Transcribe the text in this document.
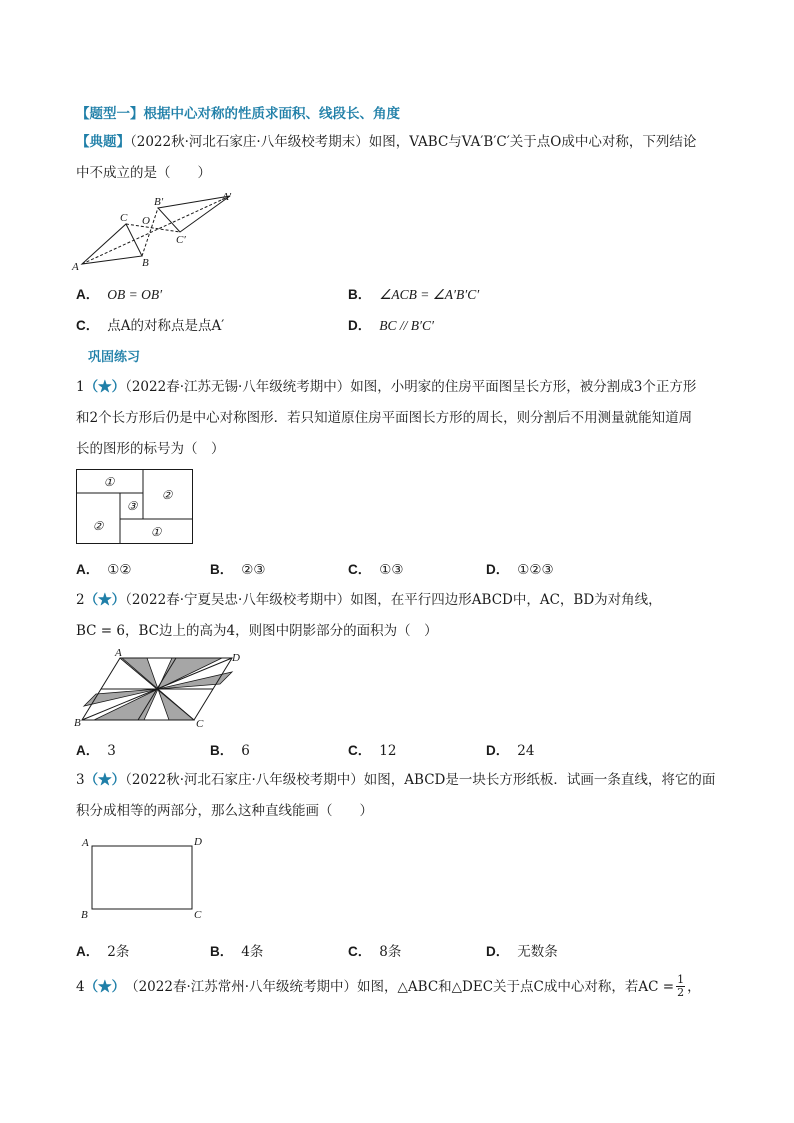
【题型一】根据中心对称的性质求面积、线段长、角度
【典题】（2022秋·河北石家庄·八年级校考期末）如图，VABC与VA′B′C′关于点O成中心对称，下列结论
中不成立的是（　　）
C O
B′	A′
C′
A	B
A． OB = OB′	B． ∠ACB = ∠A′B′C′
C． 点A的对称点是点A′	D． BC // B′C′
巩固练习
1（★）（2022春·江苏无锡·八年级统考期中）如图，小明家的住房平面图呈长方形，被分割成3个正方形
和2个长方形后仍是中心对称图形．若只知道原住房平面图长方形的周长，则分割后不用测量就能知道周
长的图形的标号为（　）
①
②
③
②	①
A． ①②	B． ②③	C． ①③	D． ①②③
2（★）（2022春·宁夏吴忠·八年级校考期中）如图，在平行四边形ABCD中，AC，BD为对角线，
BC = 6，BC边上的高为4，则图中阴影部分的面积为（　）
A	D
B	C
A． 3	B． 6	C． 12	D． 24
3（★）（2022秋·河北石家庄·八年级校考期中）如图，ABCD是一块长方形纸板．试画一条直线，将它的面
积分成相等的两部分，那么这种直线能画（　　）
A	D
B	C
A． 2条	B． 4条	C． 8条	D． 无数条
4 （★） （2022春·江苏常州·八年级统考期中）如图，△ABC和△DEC关于点C成中心对称，若AC = $\frac{1}{2}$ ，
